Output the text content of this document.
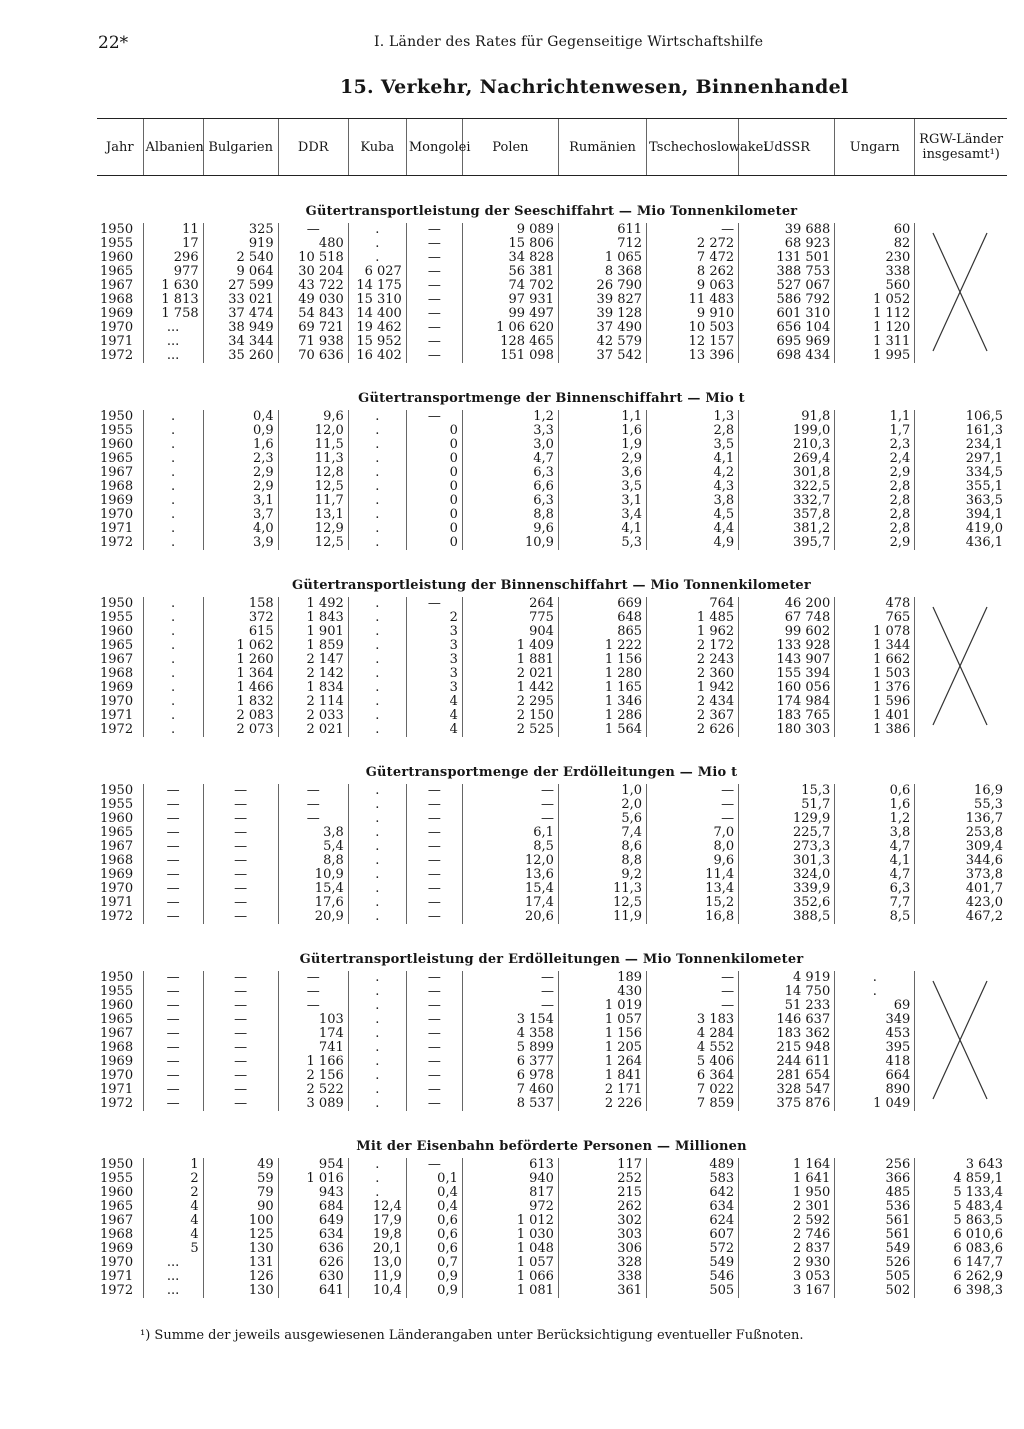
22*	I. Länder des Rates für Gegenseitige Wirtschaftshilfe
15. Verkehr, Nachrichtenwesen, Binnenhandel
Jahr	Albanien	Bulgarien	DDR	Kuba	Mongolei	Polen	Rumänien	Tschechoslowakei	UdSSR	Ungarn	RGW-Länder insgesamt¹)
Gütertransportleistung der Seeschiffahrt — Mio Tonnenkilometer											
1950	11	325	—	.	—	9 089	611	—	39 688	60	

1955	17	919	480	.	—	15 806	712	2 272	68 923	82	
1960	296	2 540	10 518	.	—	34 828	1 065	7 472	131 501	230	
1965	977	9 064	30 204	6 027	—	56 381	8 368	8 262	388 753	338	
1967	1 630	27 599	43 722	14 175	—	74 702	26 790	9 063	527 067	560	
1968	1 813	33 021	49 030	15 310	—	97 931	39 827	11 483	586 792	1 052	
1969	1 758	37 474	54 843	14 400	—	99 497	39 128	9 910	601 310	1 112	
1970	...	38 949	69 721	19 462	—	1 06 620	37 490	10 503	656 104	1 120	
1971	...	34 344	71 938	15 952	—	128 465	42 579	12 157	695 969	1 311	
1972	...	35 260	70 636	16 402	—	151 098	37 542	13 396	698 434	1 995	
Gütertransportmenge der Binnenschiffahrt — Mio t											
1950	.	0,4	9,6	.	—	1,2	1,1	1,3	91,8	1,1	106,5
1955	.	0,9	12,0	.	0	3,3	1,6	2,8	199,0	1,7	161,3
1960	.	1,6	11,5	.	0	3,0	1,9	3,5	210,3	2,3	234,1
1965	.	2,3	11,3	.	0	4,7	2,9	4,1	269,4	2,4	297,1
1967	.	2,9	12,8	.	0	6,3	3,6	4,2	301,8	2,9	334,5
1968	.	2,9	12,5	.	0	6,6	3,5	4,3	322,5	2,8	355,1
1969	.	3,1	11,7	.	0	6,3	3,1	3,8	332,7	2,8	363,5
1970	.	3,7	13,1	.	0	8,8	3,4	4,5	357,8	2,8	394,1
1971	.	4,0	12,9	.	0	9,6	4,1	4,4	381,2	2,8	419,0
1972	.	3,9	12,5	.	0	10,9	5,3	4,9	395,7	2,9	436,1
Gütertransportleistung der Binnenschiffahrt — Mio Tonnenkilometer											
1950	.	158	1 492	.	—	264	669	764	46 200	478	

1955	.	372	1 843	.	2	775	648	1 485	67 748	765	
1960	.	615	1 901	.	3	904	865	1 962	99 602	1 078	
1965	.	1 062	1 859	.	3	1 409	1 222	2 172	133 928	1 344	
1967	.	1 260	2 147	.	3	1 881	1 156	2 243	143 907	1 662	
1968	.	1 364	2 142	.	3	2 021	1 280	2 360	155 394	1 503	
1969	.	1 466	1 834	.	3	1 442	1 165	1 942	160 056	1 376	
1970	.	1 832	2 114	.	4	2 295	1 346	2 434	174 984	1 596	
1971	.	2 083	2 033	.	4	2 150	1 286	2 367	183 765	1 401	
1972	.	2 073	2 021	.	4	2 525	1 564	2 626	180 303	1 386	
Gütertransportmenge der Erdölleitungen — Mio t											
1950	—	—	—	.	—	—	1,0	—	15,3	0,6	16,9
1955	—	—	—	.	—	—	2,0	—	51,7	1,6	55,3
1960	—	—	—	.	—	—	5,6	—	129,9	1,2	136,7
1965	—	—	3,8	.	—	6,1	7,4	7,0	225,7	3,8	253,8
1967	—	—	5,4	.	—	8,5	8,6	8,0	273,3	4,7	309,4
1968	—	—	8,8	.	—	12,0	8,8	9,6	301,3	4,1	344,6
1969	—	—	10,9	.	—	13,6	9,2	11,4	324,0	4,7	373,8
1970	—	—	15,4	.	—	15,4	11,3	13,4	339,9	6,3	401,7
1971	—	—	17,6	.	—	17,4	12,5	15,2	352,6	7,7	423,0
1972	—	—	20,9	.	—	20,6	11,9	16,8	388,5	8,5	467,2
Gütertransportleistung der Erdölleitungen — Mio Tonnenkilometer											
1950	—	—	—	.	—	—	189	—	4 919	.	

1955	—	—	—	.	—	—	430	—	14 750	.	
1960	—	—	—	.	—	—	1 019	—	51 233	69	
1965	—	—	103	.	—	3 154	1 057	3 183	146 637	349	
1967	—	—	174	.	—	4 358	1 156	4 284	183 362	453	
1968	—	—	741	.	—	5 899	1 205	4 552	215 948	395	
1969	—	—	1 166	.	—	6 377	1 264	5 406	244 611	418	
1970	—	—	2 156	.	—	6 978	1 841	6 364	281 654	664	
1971	—	—	2 522	.	—	7 460	2 171	7 022	328 547	890	
1972	—	—	3 089	.	—	8 537	2 226	7 859	375 876	1 049	
Mit der Eisenbahn beförderte Personen — Millionen											
1950	1	49	954	.	—	613	117	489	1 164	256	3 643
1955	2	59	1 016	.	0,1	940	252	583	1 641	366	4 859,1
1960	2	79	943	.	0,4	817	215	642	1 950	485	5 133,4
1965	4	90	684	12,4	0,4	972	262	634	2 301	536	5 483,4
1967	4	100	649	17,9	0,6	1 012	302	624	2 592	561	5 863,5
1968	4	125	634	19,8	0,6	1 030	303	607	2 746	561	6 010,6
1969	5	130	636	20,1	0,6	1 048	306	572	2 837	549	6 083,6
1970	...	131	626	13,0	0,7	1 057	328	549	2 930	526	6 147,7
1971	...	126	630	11,9	0,9	1 066	338	546	3 053	505	6 262,9
1972	...	130	641	10,4	0,9	1 081	361	505	3 167	502	6 398,3
¹) Summe der jeweils ausgewiesenen Länderangaben unter Berücksichtigung eventueller Fußnoten.
